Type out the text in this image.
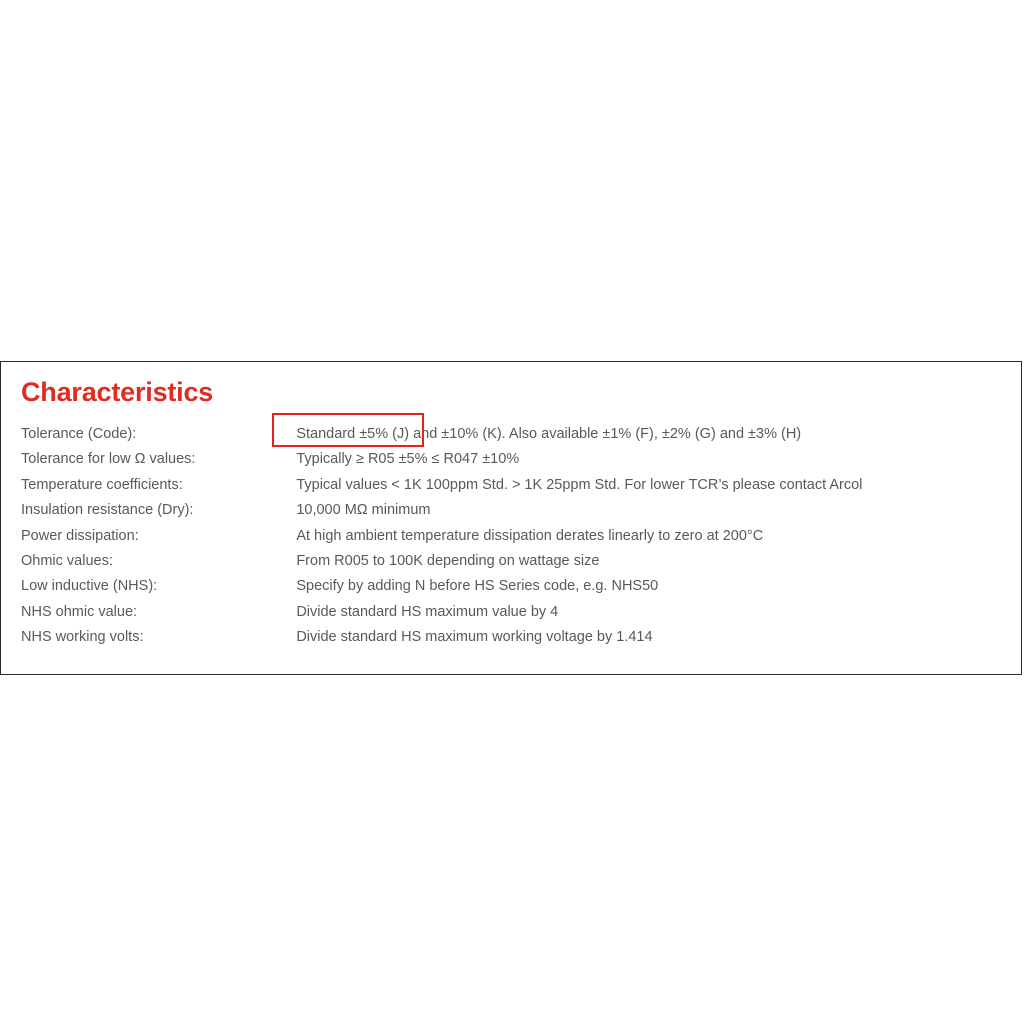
Characteristics
Tolerance (Code):	Standard ±5% (J) and ±10% (K). Also available ±1% (F), ±2% (G) and ±3% (H)
Tolerance for low Ω values:	Typically ≥ R05 ±5% ≤ R047 ±10%
Temperature coefficients:	Typical values < 1K 100ppm Std. > 1K 25ppm Std. For lower TCR’s please contact Arcol
Insulation resistance (Dry):	10,000 MΩ minimum
Power dissipation:	At high ambient temperature dissipation derates linearly to zero at 200°C
Ohmic values:	From R005 to 100K depending on wattage size
Low inductive (NHS):	Specify by adding N before HS Series code, e.g. NHS50
NHS ohmic value:	Divide standard HS maximum value by 4
NHS working volts:	Divide standard HS maximum working voltage by 1.414
